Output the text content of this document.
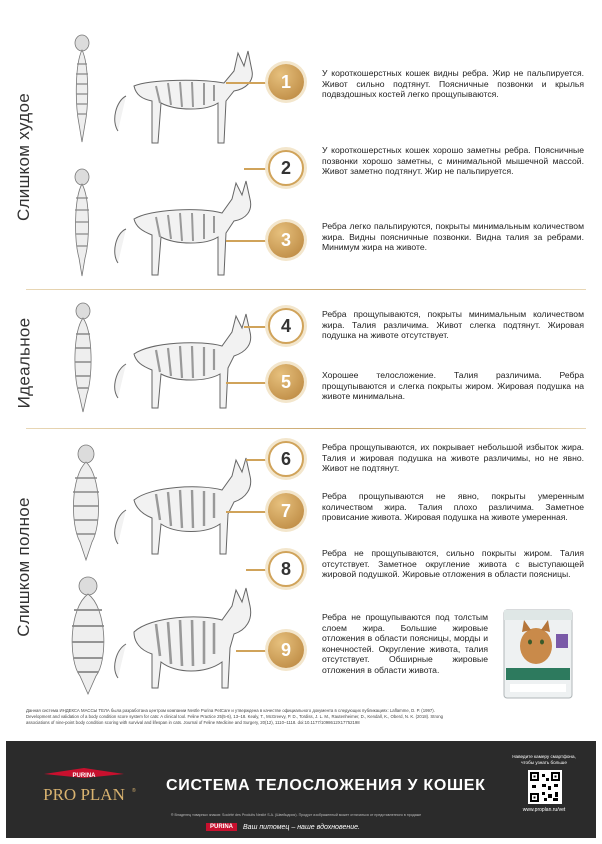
Слишком худое
Идеальное
Слишком полное
1	У короткошерстных кошек видны ребра. Жир не пальпируется. Живот сильно подтянут. Поясничные позвонки и крылья подвздошных костей легко прощупываются.
2
У короткошерстных кошек хорошо заметны ребра. Поясничные позвонки хорошо заметны, с минимальной мышечной массой. Живот заметно подтянут. Жир не пальпируется.
3
Ребра легко пальпируются, покрыты минимальным количеством жира. Видны поясничные позвонки. Видна талия за ребрами. Минимум жира на животе.
4
Ребра прощупываются, покрыты минимальным количеством жира. Талия различима. Живот слегка подтянут. Жировая подушка на животе отсутствует.
5	Хорошее телосложение. Талия различима. Ребра прощупываются и слегка покрыты жиром. Жировая подушка на животе минимальна.
6
Ребра прощупываются, их покрывает небольшой избыток жира. Талия и жировая подушка на животе различимы, но не явно. Живот не подтянут.
7
Ребра прощупываются не явно, покрыты умеренным количеством жира. Талия плохо различима. Заметное провисание живота. Жировая подушка на животе умеренная.
8
Ребра не прощупываются, сильно покрыты жиром. Талия отсутствует. Заметное округление живота с выступающей жировой подушкой. Жировые отложения в области поясницы.
9
Ребра не прощупываются под толстым слоем жира. Большие жировые отложения в области поясницы, морды и конечностей. Округление живота, талия отсутствует. Обширные жировые отложения в области живота.
Данная система ИНДЕКСА МАССЫ ТЕЛА была разработана центром компании Nestle Purina PetCare и утверждена в качестве официального документа в следующих публикациях: Laflamme, D. P. (1997). Development and validation of a body condition score system for cats: A clinical tool. Feline Practice 25(5-6), 13–18. Kealy, T., McGreevy, P. D., Tordiss, J. L. M., Rautenheimer, D., Kendall, K., Oberd, N. K. (2018). Strong associations of nine-point body condition scoring with survival and lifespan in cats. Journal of Feline Medicine and Surgery, 20(12), 1110–1118. doi:10.1177/1098612X17752198
PURINA
PRO PLAN ® СИСТЕМА ТЕЛОСЛОЖЕНИЯ У КОШЕК
Наведите камеру смартфона, чтобы узнать больше
www.proplan.ru/vet
® Владелец товарных знаков: Société des Produits Nestlé S.A. (Швейцария). Продукт изображенный может отличаться от представленного в продаже
PURINA	Ваш питомец – наше вдохновение.
